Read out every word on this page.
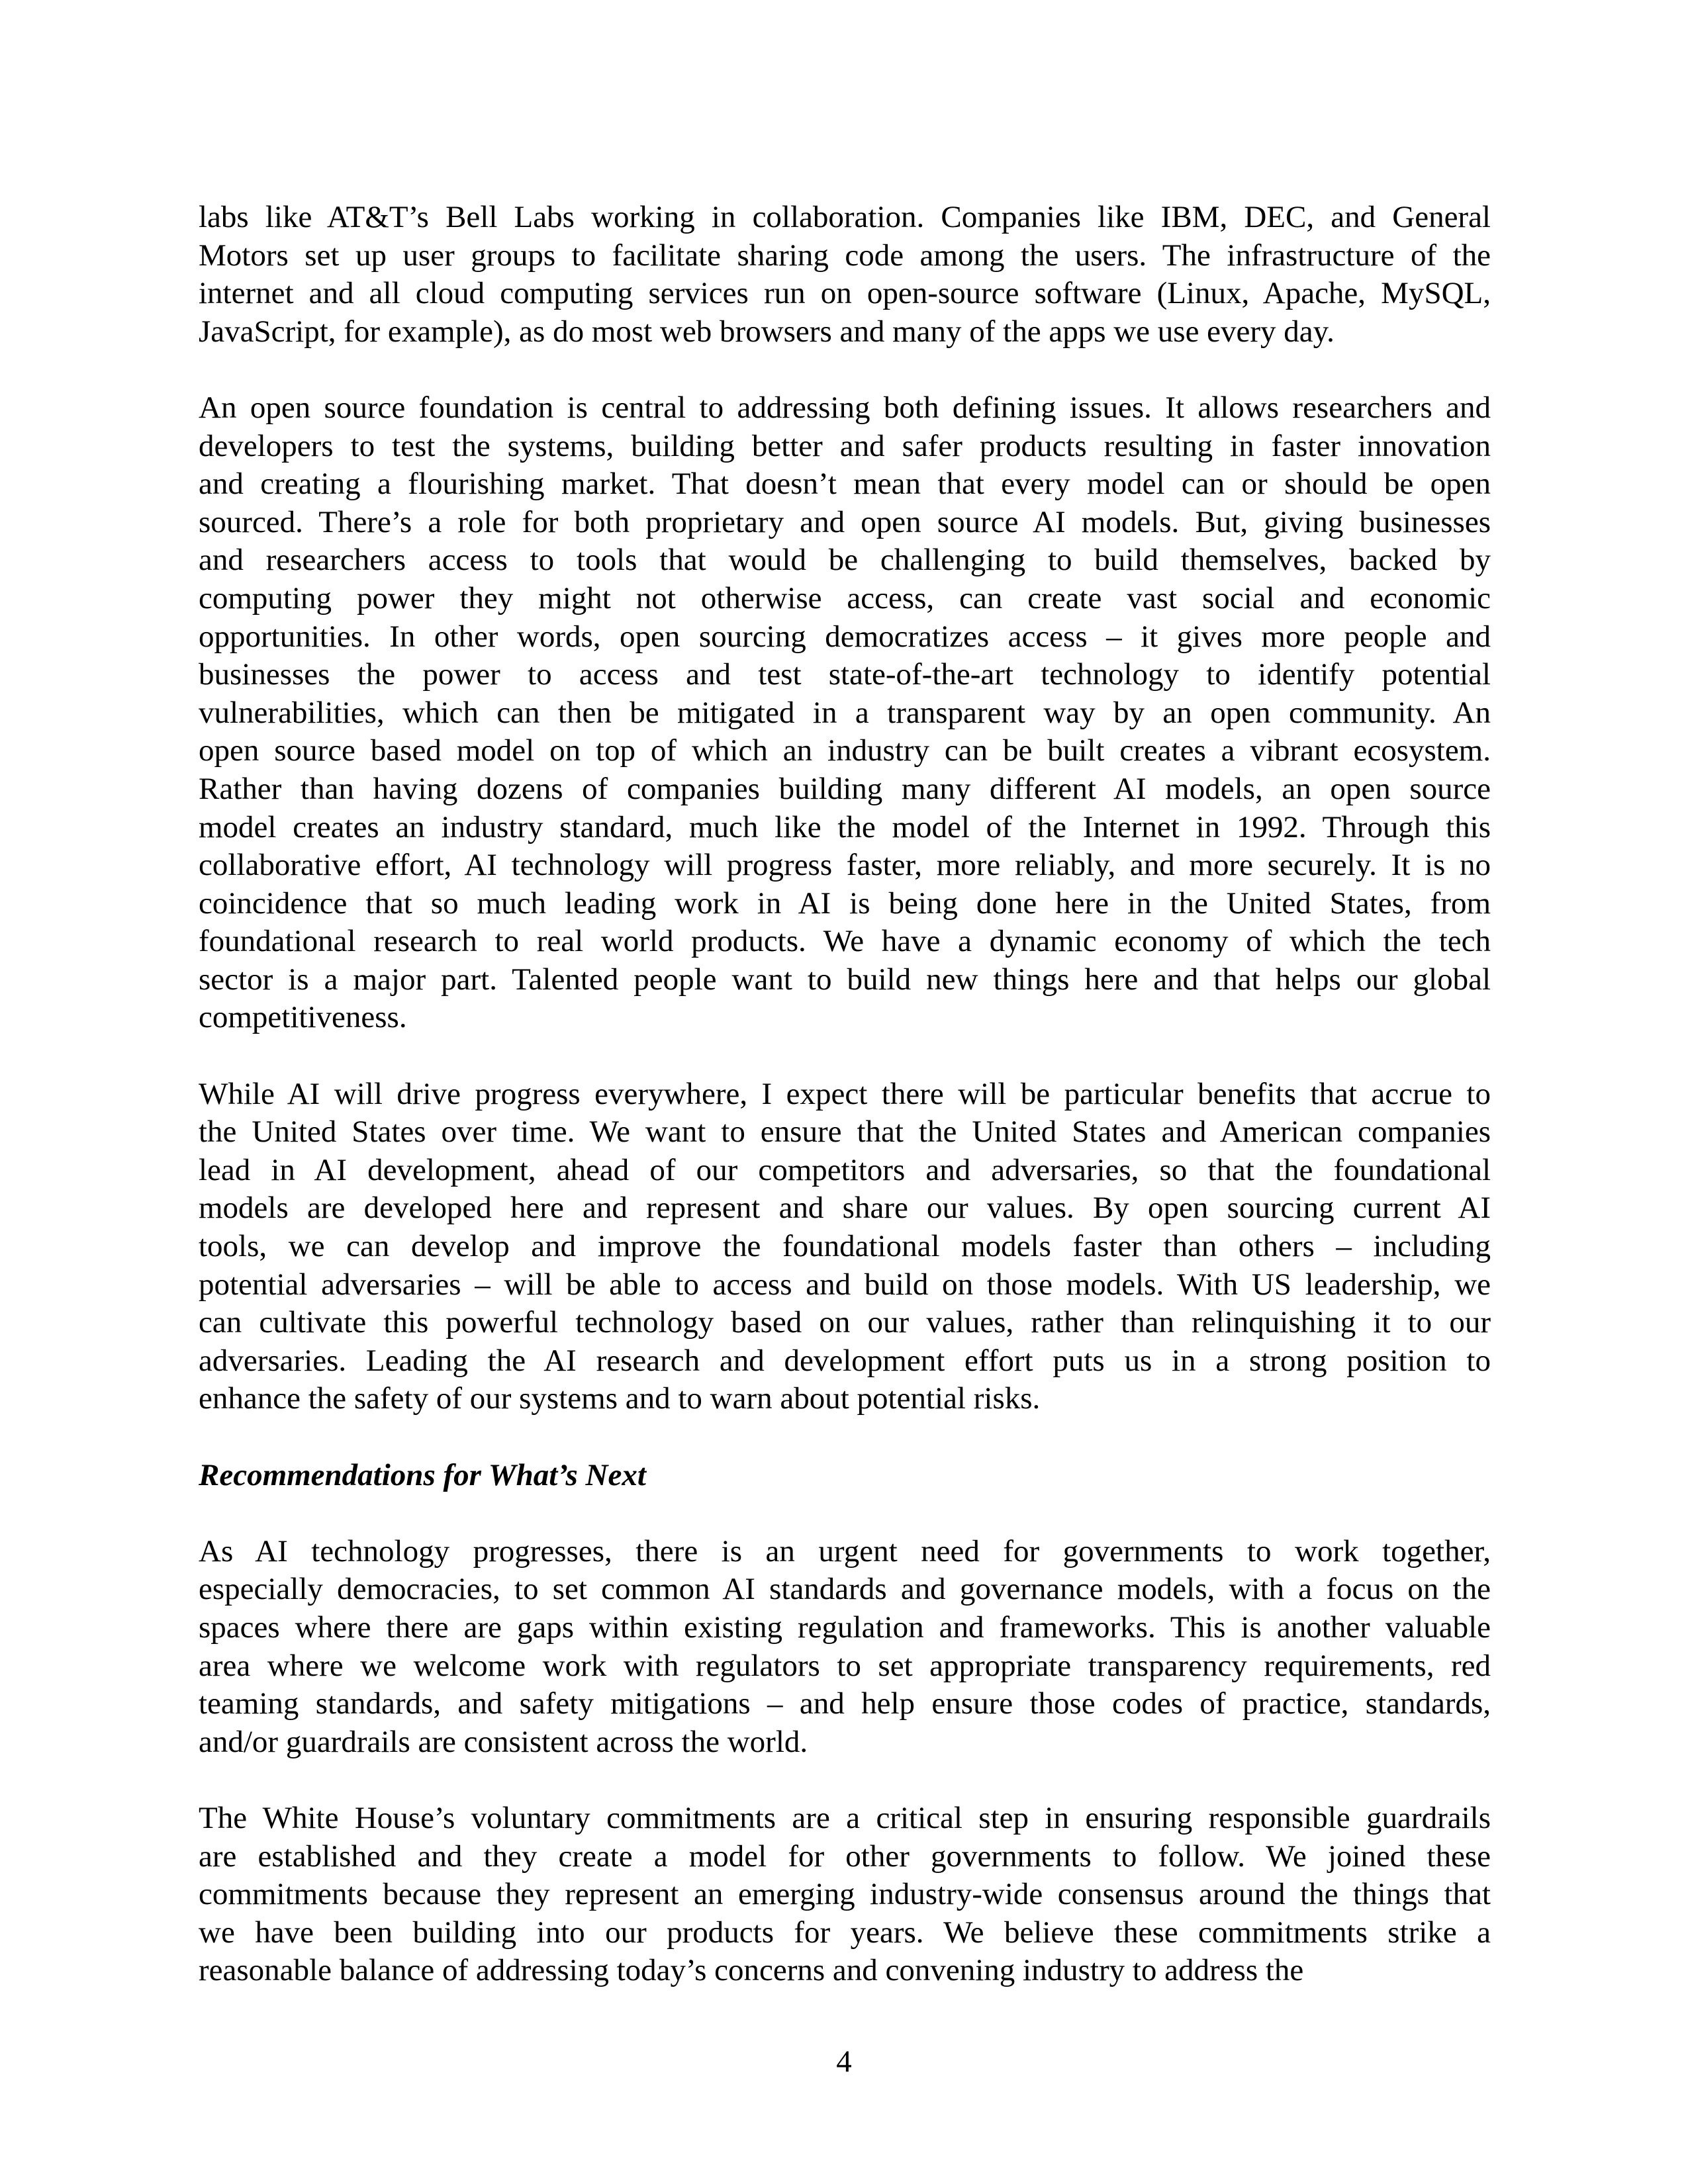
labs like AT&T’s Bell Labs working in collaboration. Companies like IBM, DEC, and General
Motors set up user groups to facilitate sharing code among the users. The infrastructure of the
internet and all cloud computing services run on open-source software (Linux, Apache, MySQL,
JavaScript, for example), as do most web browsers and many of the apps we use every day.
An open source foundation is central to addressing both defining issues. It allows researchers and
developers to test the systems, building better and safer products resulting in faster innovation
and creating a flourishing market. That doesn’t mean that every model can or should be open
sourced. There’s a role for both proprietary and open source AI models. But, giving businesses
and researchers access to tools that would be challenging to build themselves, backed by
computing power they might not otherwise access, can create vast social and economic
opportunities. In other words, open sourcing democratizes access – it gives more people and
businesses the power to access and test state-of-the-art technology to identify potential
vulnerabilities, which can then be mitigated in a transparent way by an open community. An
open source based model on top of which an industry can be built creates a vibrant ecosystem.
Rather than having dozens of companies building many different AI models, an open source
model creates an industry standard, much like the model of the Internet in 1992. Through this
collaborative effort, AI technology will progress faster, more reliably, and more securely. It is no
coincidence that so much leading work in AI is being done here in the United States, from
foundational research to real world products. We have a dynamic economy of which the tech
sector is a major part. Talented people want to build new things here and that helps our global
competitiveness.
While AI will drive progress everywhere, I expect there will be particular benefits that accrue to
the United States over time. We want to ensure that the United States and American companies
lead in AI development, ahead of our competitors and adversaries, so that the foundational
models are developed here and represent and share our values. By open sourcing current AI
tools, we can develop and improve the foundational models faster than others – including
potential adversaries – will be able to access and build on those models. With US leadership, we
can cultivate this powerful technology based on our values, rather than relinquishing it to our
adversaries. Leading the AI research and development effort puts us in a strong position to
enhance the safety of our systems and to warn about potential risks.
Recommendations for What’s Next
As AI technology progresses, there is an urgent need for governments to work together,
especially democracies, to set common AI standards and governance models, with a focus on the
spaces where there are gaps within existing regulation and frameworks. This is another valuable
area where we welcome work with regulators to set appropriate transparency requirements, red
teaming standards, and safety mitigations – and help ensure those codes of practice, standards,
and/or guardrails are consistent across the world.
The White House’s voluntary commitments are a critical step in ensuring responsible guardrails
are established and they create a model for other governments to follow. We joined these
commitments because they represent an emerging industry-wide consensus around the things that
we have been building into our products for years. We believe these commitments strike a
reasonable balance of addressing today’s concerns and convening industry to address the
4
